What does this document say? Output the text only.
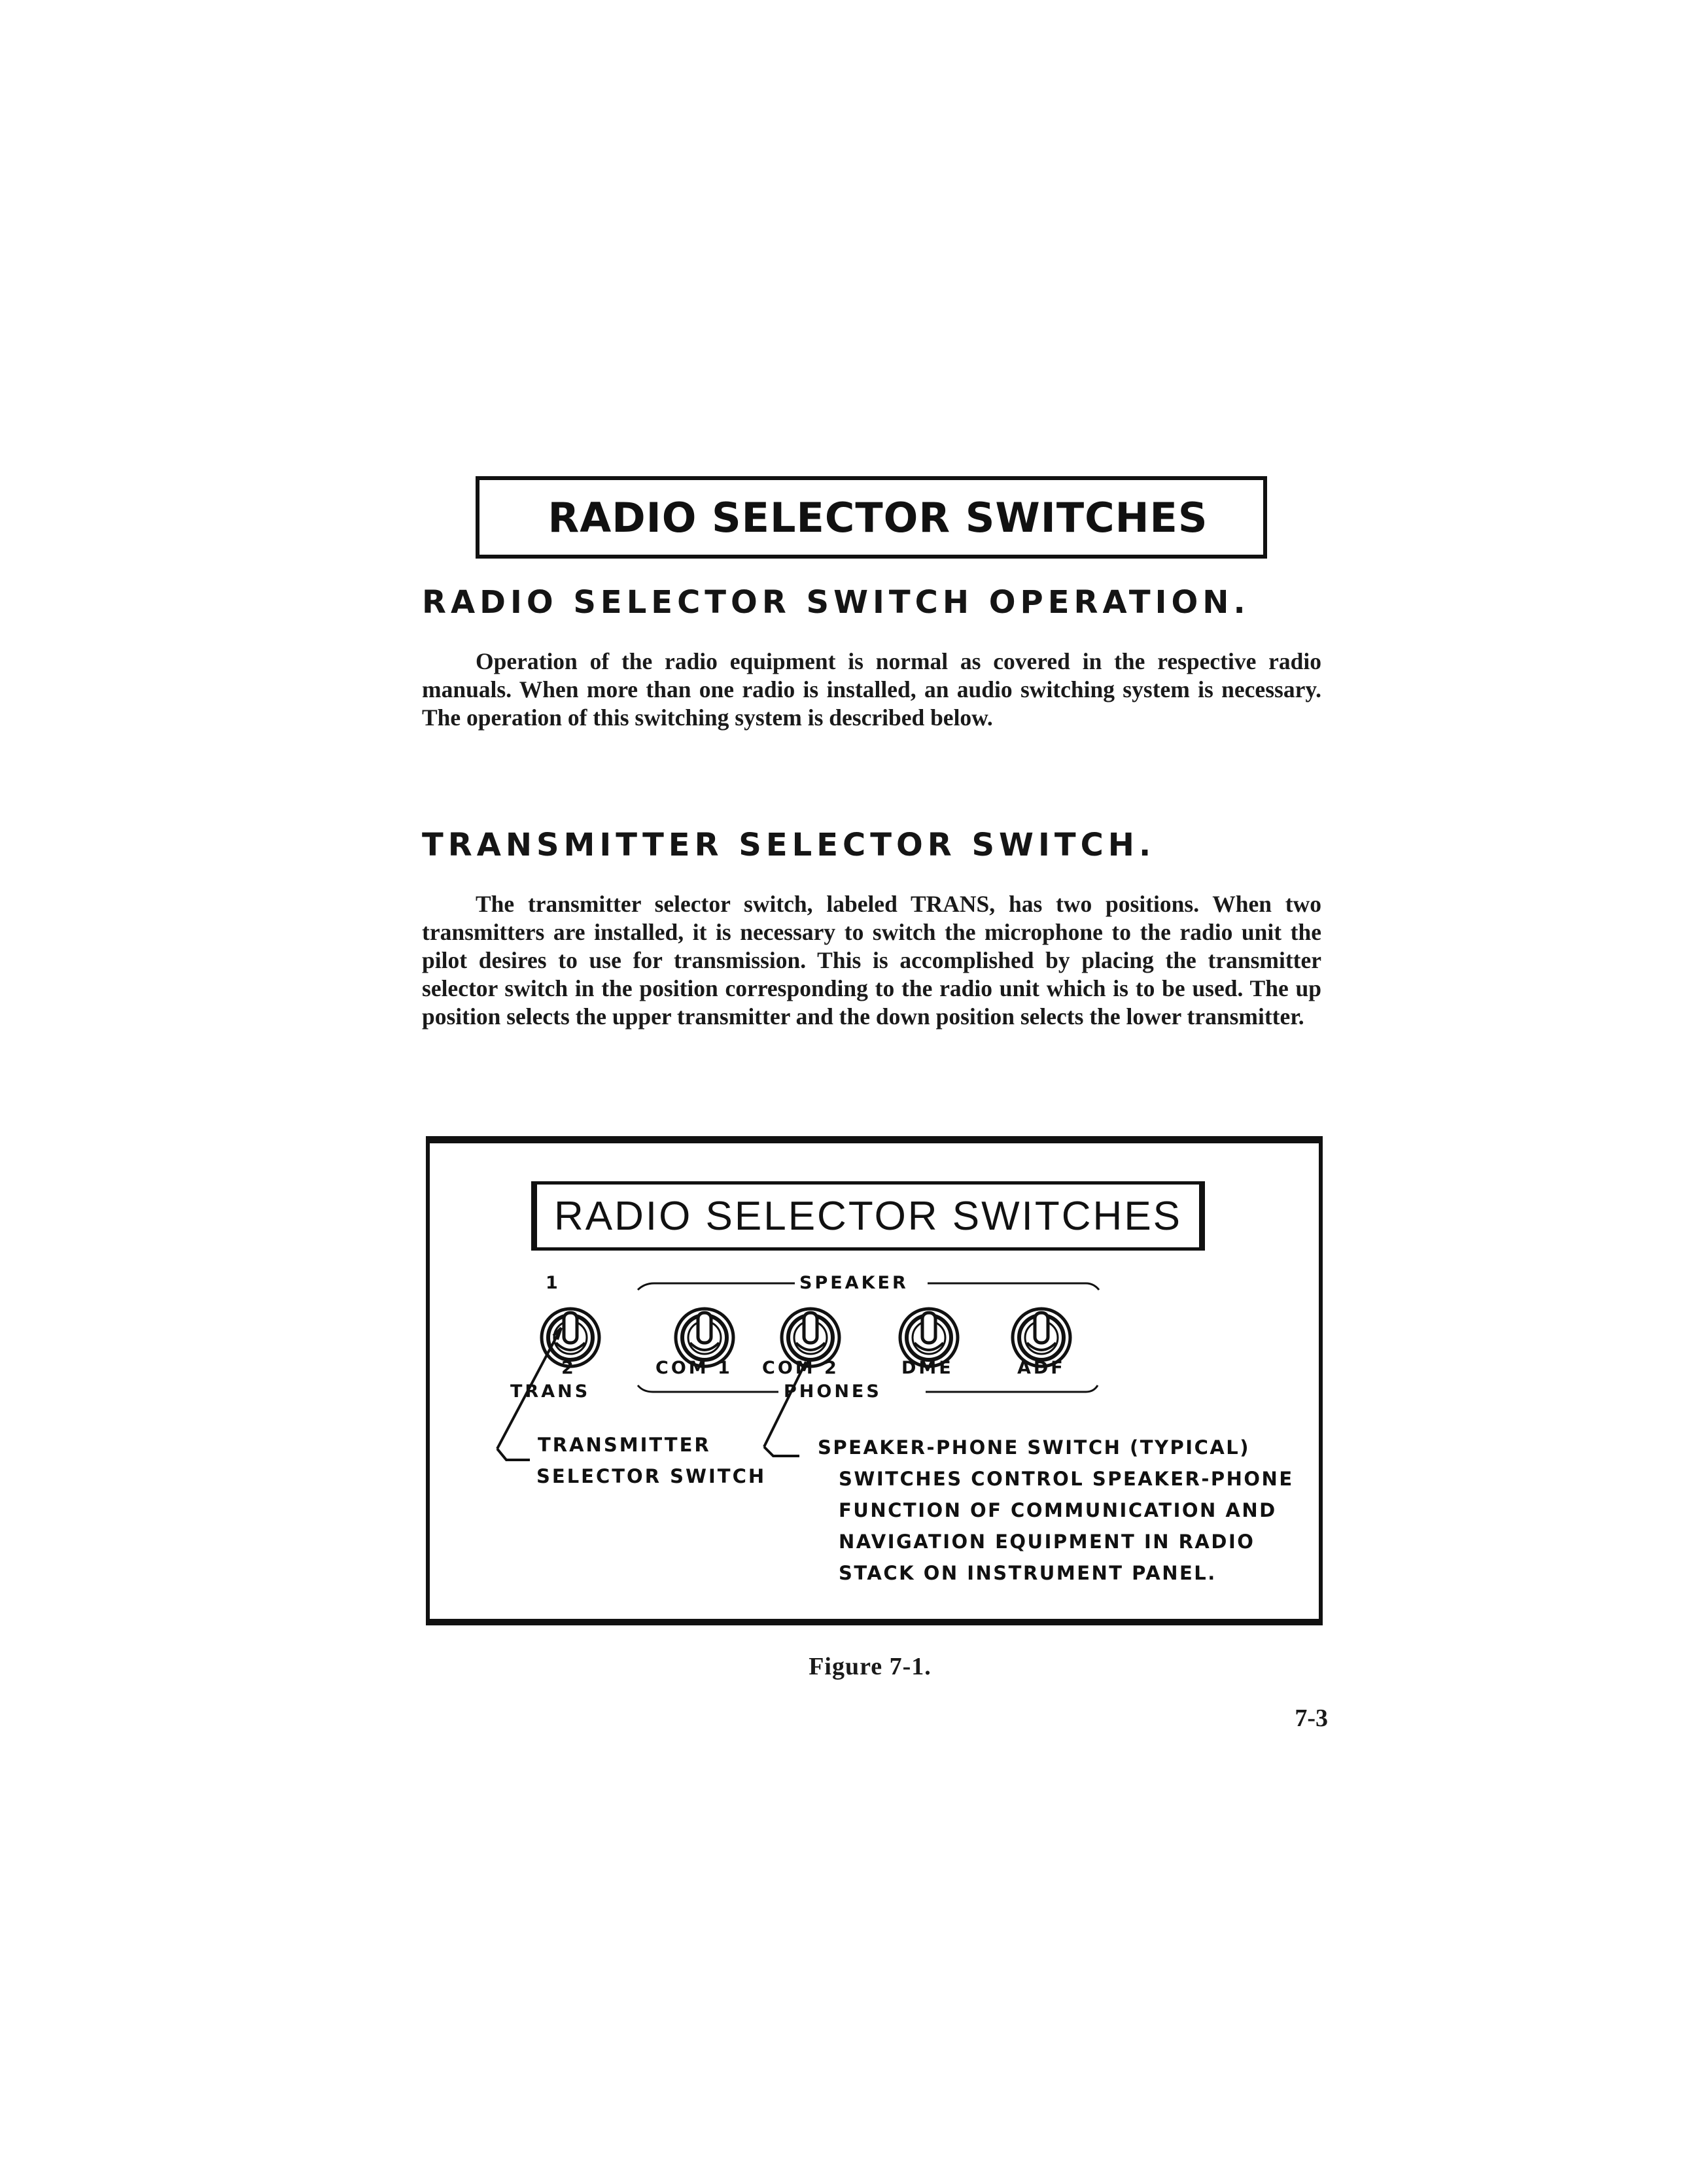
RADIO SELECTOR SWITCHES
RADIO SELECTOR SWITCH OPERATION.

Operation of the radio equipment is normal as covered in the respective radio manuals. When more than one radio is installed, an audio switching system is necessary. The operation of this switching system is described below.

TRANSMITTER SELECTOR SWITCH.

The transmitter selector switch, labeled TRANS, has two positions. When two transmitters are installed, it is necessary to switch the microphone to the radio unit the pilot desires to use for transmission. This is accomplished by placing the transmitter selector switch in the position corresponding to the radio unit which is to be used. The up position selects the upper transmitter and the down position selects the lower transmitter.

RADIO SELECTOR SWITCHES
SPEAKER
PHONES
1
2
TRANS
COM 1 COM 2	DME	ADF
TRANSMITTER
SELECTOR SWITCH
SPEAKER-PHONE SWITCH (TYPICAL)
SWITCHES CONTROL SPEAKER-PHONE
FUNCTION OF COMMUNICATION AND
NAVIGATION EQUIPMENT IN RADIO
STACK ON INSTRUMENT PANEL.
Figure 7-1.
7-3
